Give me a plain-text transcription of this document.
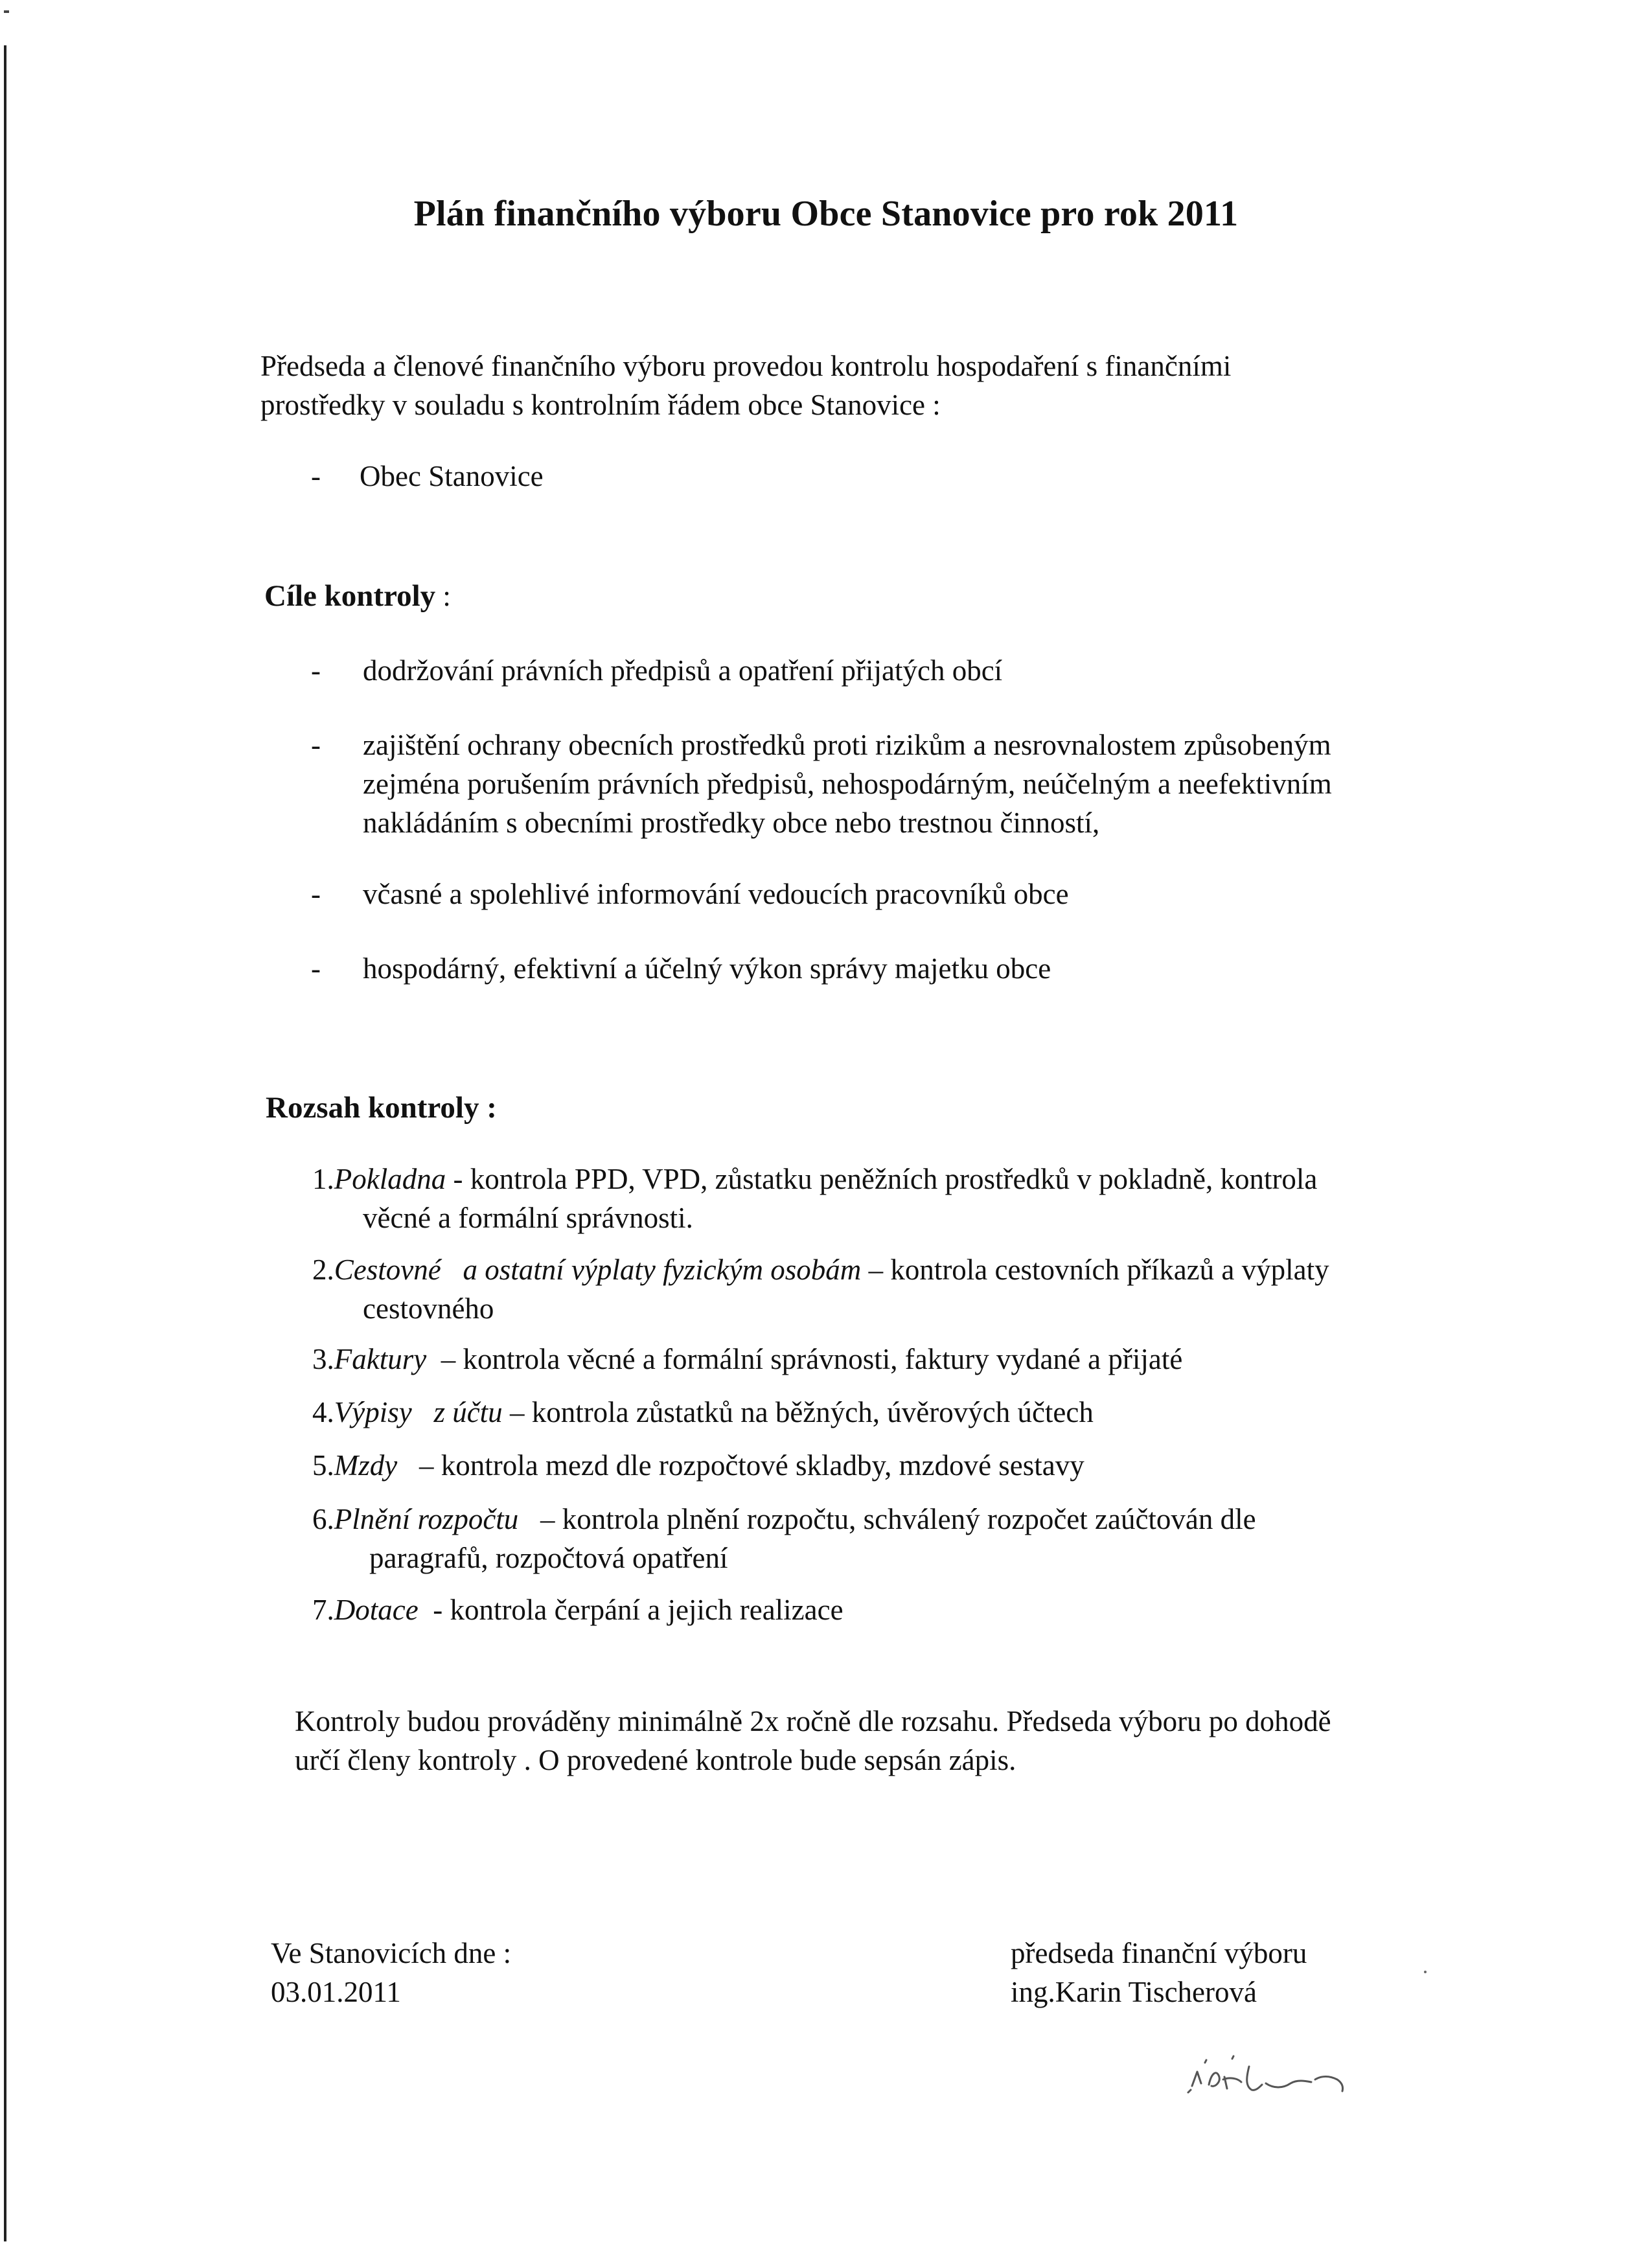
Plán finančního výboru Obce Stanovice pro rok 2011
Předseda a členové finančního výboru provedou kontrolu hospodaření s finančními
prostředky v souladu s kontrolním řádem obce Stanovice :
- Obec Stanovice
Cíle kontroly :
- dodržování právních předpisů a opatření přijatých obcí
- zajištění ochrany obecních prostředků proti rizikům a nesrovnalostem způsobeným
zejména porušením právních předpisů, nehospodárným, neúčelným a neefektivním
nakládáním s obecními prostředky obce nebo trestnou činností,
- včasné a spolehlivé informování vedoucích pracovníků obce
- hospodárný, efektivní a účelný výkon správy majetku obce
Rozsah kontroly :
1.Pokladna - kontrola PPD, VPD, zůstatku peněžních prostředků v pokladně, kontrola
věcné a formální správnosti.
2.Cestovné   a ostatní výplaty fyzickým osobám – kontrola cestovních příkazů a výplaty
cestovného
3.Faktury  – kontrola věcné a formální správnosti, faktury vydané a přijaté
4.Výpisy   z účtu – kontrola zůstatků na běžných, úvěrových účtech
5.Mzdy   – kontrola mezd dle rozpočtové skladby, mzdové sestavy
6.Plnění rozpočtu   – kontrola plnění rozpočtu, schválený rozpočet zaúčtován dle
paragrafů, rozpočtová opatření
7.Dotace  - kontrola čerpání a jejich realizace
Kontroly budou prováděny minimálně 2x ročně dle rozsahu. Předseda výboru po dohodě
určí členy kontroly . O provedené kontrole bude sepsán zápis.
Ve Stanovicích dne :
03.01.2011
předseda finanční výboru
ing.Karin Tischerová
